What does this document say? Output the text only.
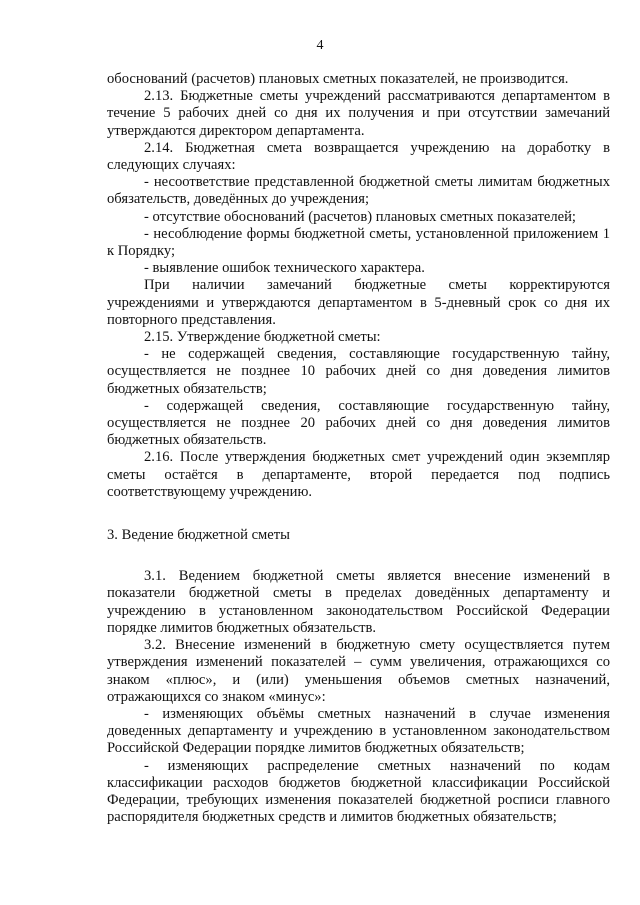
4

обоснований (расчетов) плановых сметных показателей, не производится.

2.13. Бюджетные сметы учреждений рассматриваются департаментом в течение 5 рабочих дней со дня их получения и при отсутствии замечаний утверждаются директором департамента.

2.14. Бюджетная смета возвращается учреждению на доработку в следующих случаях:

- несоответствие представленной бюджетной сметы лимитам бюджетных обязательств, доведённых до учреждения;

- отсутствие обоснований (расчетов) плановых сметных показателей;

- несоблюдение формы бюджетной сметы, установленной приложением 1 к Порядку;

- выявление ошибок технического характера.

При наличии замечаний бюджетные сметы корректируются учреждениями и утверждаются департаментом в 5-дневный срок со дня их повторного представления.

2.15. Утверждение бюджетной сметы:

- не содержащей сведения, составляющие государственную тайну, осуществляется не позднее 10 рабочих дней со дня доведения лимитов бюджетных обязательств;

- содержащей сведения, составляющие государственную тайну, осуществляется не позднее 20 рабочих дней со дня доведения лимитов бюджетных обязательств.

2.16. После утверждения бюджетных смет учреждений один экземпляр сметы остаётся в департаменте, второй передается под подпись соответствующему учреждению.

3. Ведение бюджетной сметы

3.1. Ведением бюджетной сметы является внесение изменений в показатели бюджетной сметы в пределах доведённых департаменту и учреждению в установленном законодательством Российской Федерации порядке лимитов бюджетных обязательств.

3.2. Внесение изменений в бюджетную смету осуществляется путем утверждения изменений показателей – сумм увеличения, отражающихся со знаком «плюс», и (или) уменьшения объемов сметных назначений, отражающихся со знаком «минус»:

- изменяющих объёмы сметных назначений в случае изменения доведенных департаменту и учреждению в установленном законодательством Российской Федерации порядке лимитов бюджетных обязательств;

- изменяющих распределение сметных назначений по кодам классификации расходов бюджетов бюджетной классификации Российской Федерации, требующих изменения показателей бюджетной росписи главного распорядителя бюджетных средств и лимитов бюджетных обязательств;
